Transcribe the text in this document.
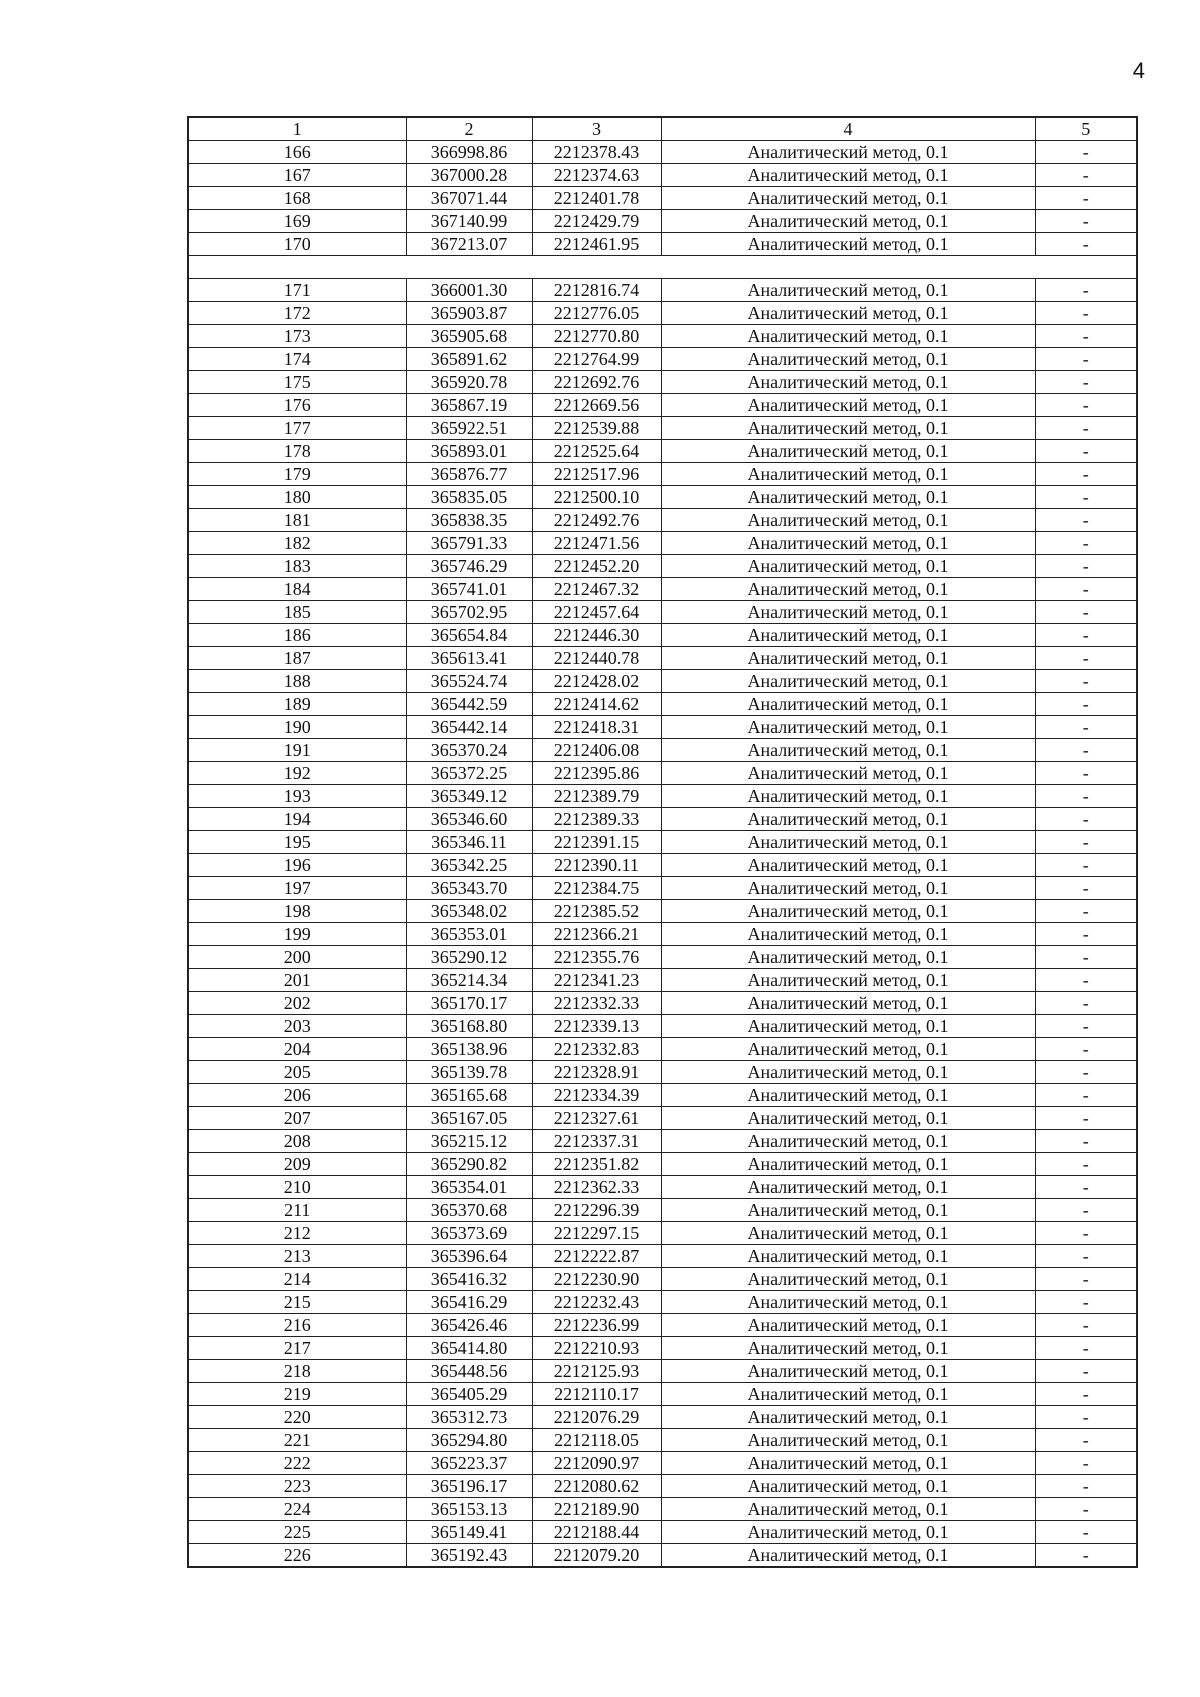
4
1	2	3	4	5
166	366998.86	2212378.43	Аналитический метод, 0.1	-
167	367000.28	2212374.63	Аналитический метод, 0.1	-
168	367071.44	2212401.78	Аналитический метод, 0.1	-
169	367140.99	2212429.79	Аналитический метод, 0.1	-
170	367213.07	2212461.95	Аналитический метод, 0.1	-

171	366001.30	2212816.74	Аналитический метод, 0.1	-
172	365903.87	2212776.05	Аналитический метод, 0.1	-
173	365905.68	2212770.80	Аналитический метод, 0.1	-
174	365891.62	2212764.99	Аналитический метод, 0.1	-
175	365920.78	2212692.76	Аналитический метод, 0.1	-
176	365867.19	2212669.56	Аналитический метод, 0.1	-
177	365922.51	2212539.88	Аналитический метод, 0.1	-
178	365893.01	2212525.64	Аналитический метод, 0.1	-
179	365876.77	2212517.96	Аналитический метод, 0.1	-
180	365835.05	2212500.10	Аналитический метод, 0.1	-
181	365838.35	2212492.76	Аналитический метод, 0.1	-
182	365791.33	2212471.56	Аналитический метод, 0.1	-
183	365746.29	2212452.20	Аналитический метод, 0.1	-
184	365741.01	2212467.32	Аналитический метод, 0.1	-
185	365702.95	2212457.64	Аналитический метод, 0.1	-
186	365654.84	2212446.30	Аналитический метод, 0.1	-
187	365613.41	2212440.78	Аналитический метод, 0.1	-
188	365524.74	2212428.02	Аналитический метод, 0.1	-
189	365442.59	2212414.62	Аналитический метод, 0.1	-
190	365442.14	2212418.31	Аналитический метод, 0.1	-
191	365370.24	2212406.08	Аналитический метод, 0.1	-
192	365372.25	2212395.86	Аналитический метод, 0.1	-
193	365349.12	2212389.79	Аналитический метод, 0.1	-
194	365346.60	2212389.33	Аналитический метод, 0.1	-
195	365346.11	2212391.15	Аналитический метод, 0.1	-
196	365342.25	2212390.11	Аналитический метод, 0.1	-
197	365343.70	2212384.75	Аналитический метод, 0.1	-
198	365348.02	2212385.52	Аналитический метод, 0.1	-
199	365353.01	2212366.21	Аналитический метод, 0.1	-
200	365290.12	2212355.76	Аналитический метод, 0.1	-
201	365214.34	2212341.23	Аналитический метод, 0.1	-
202	365170.17	2212332.33	Аналитический метод, 0.1	-
203	365168.80	2212339.13	Аналитический метод, 0.1	-
204	365138.96	2212332.83	Аналитический метод, 0.1	-
205	365139.78	2212328.91	Аналитический метод, 0.1	-
206	365165.68	2212334.39	Аналитический метод, 0.1	-
207	365167.05	2212327.61	Аналитический метод, 0.1	-
208	365215.12	2212337.31	Аналитический метод, 0.1	-
209	365290.82	2212351.82	Аналитический метод, 0.1	-
210	365354.01	2212362.33	Аналитический метод, 0.1	-
211	365370.68	2212296.39	Аналитический метод, 0.1	-
212	365373.69	2212297.15	Аналитический метод, 0.1	-
213	365396.64	2212222.87	Аналитический метод, 0.1	-
214	365416.32	2212230.90	Аналитический метод, 0.1	-
215	365416.29	2212232.43	Аналитический метод, 0.1	-
216	365426.46	2212236.99	Аналитический метод, 0.1	-
217	365414.80	2212210.93	Аналитический метод, 0.1	-
218	365448.56	2212125.93	Аналитический метод, 0.1	-
219	365405.29	2212110.17	Аналитический метод, 0.1	-
220	365312.73	2212076.29	Аналитический метод, 0.1	-
221	365294.80	2212118.05	Аналитический метод, 0.1	-
222	365223.37	2212090.97	Аналитический метод, 0.1	-
223	365196.17	2212080.62	Аналитический метод, 0.1	-
224	365153.13	2212189.90	Аналитический метод, 0.1	-
225	365149.41	2212188.44	Аналитический метод, 0.1	-
226	365192.43	2212079.20	Аналитический метод, 0.1	-
